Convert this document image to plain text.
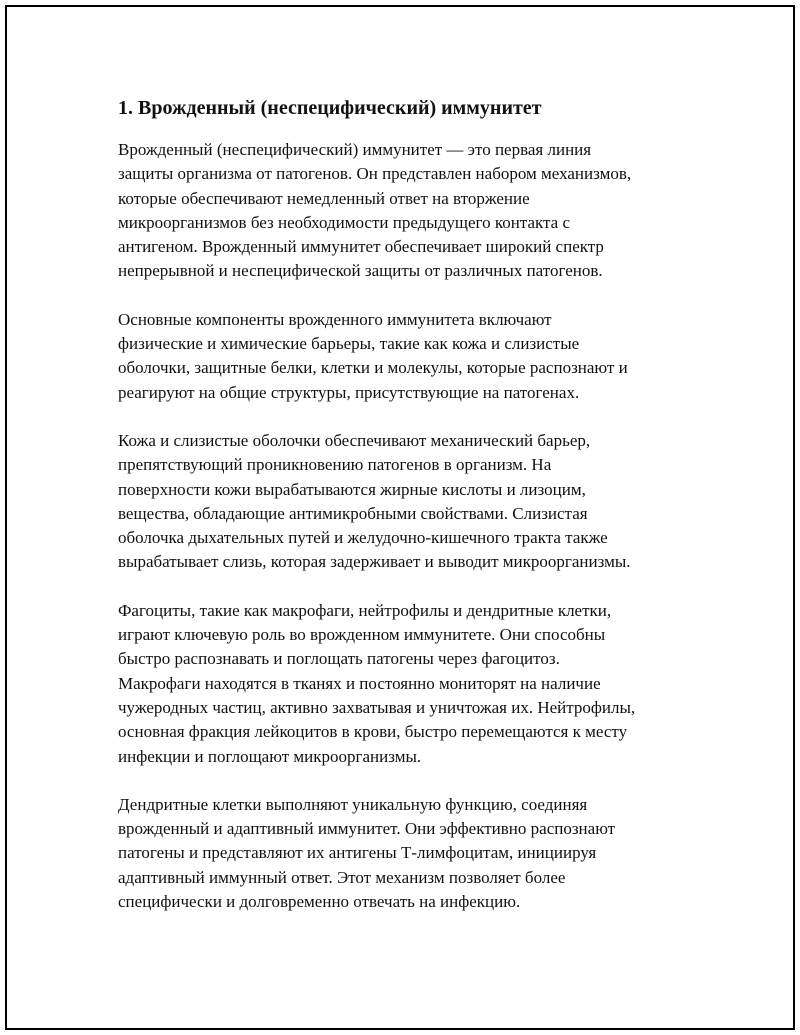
1. Врожденный (неспецифический) иммунитет

Врожденный (неспецифический) иммунитет — это первая линия
защиты организма от патогенов. Он представлен набором механизмов,
которые обеспечивают немедленный ответ на вторжение
микроорганизмов без необходимости предыдущего контакта с
антигеном. Врожденный иммунитет обеспечивает широкий спектр
непрерывной и неспецифической защиты от различных патогенов.

Основные компоненты врожденного иммунитета включают
физические и химические барьеры, такие как кожа и слизистые
оболочки, защитные белки, клетки и молекулы, которые распознают и
реагируют на общие структуры, присутствующие на патогенах.

Кожа и слизистые оболочки обеспечивают механический барьер,
препятствующий проникновению патогенов в организм. На
поверхности кожи вырабатываются жирные кислоты и лизоцим,
вещества, обладающие антимикробными свойствами. Слизистая
оболочка дыхательных путей и желудочно-кишечного тракта также
вырабатывает слизь, которая задерживает и выводит микроорганизмы.

Фагоциты, такие как макрофаги, нейтрофилы и дендритные клетки,
играют ключевую роль во врожденном иммунитете. Они способны
быстро распознавать и поглощать патогены через фагоцитоз.
Макрофаги находятся в тканях и постоянно мониторят на наличие
чужеродных частиц, активно захватывая и уничтожая их. Нейтрофилы,
основная фракция лейкоцитов в крови, быстро перемещаются к месту
инфекции и поглощают микроорганизмы.

Дендритные клетки выполняют уникальную функцию, соединяя
врожденный и адаптивный иммунитет. Они эффективно распознают
патогены и представляют их антигены Т-лимфоцитам, инициируя
адаптивный иммунный ответ. Этот механизм позволяет более
специфически и долговременно отвечать на инфекцию.
